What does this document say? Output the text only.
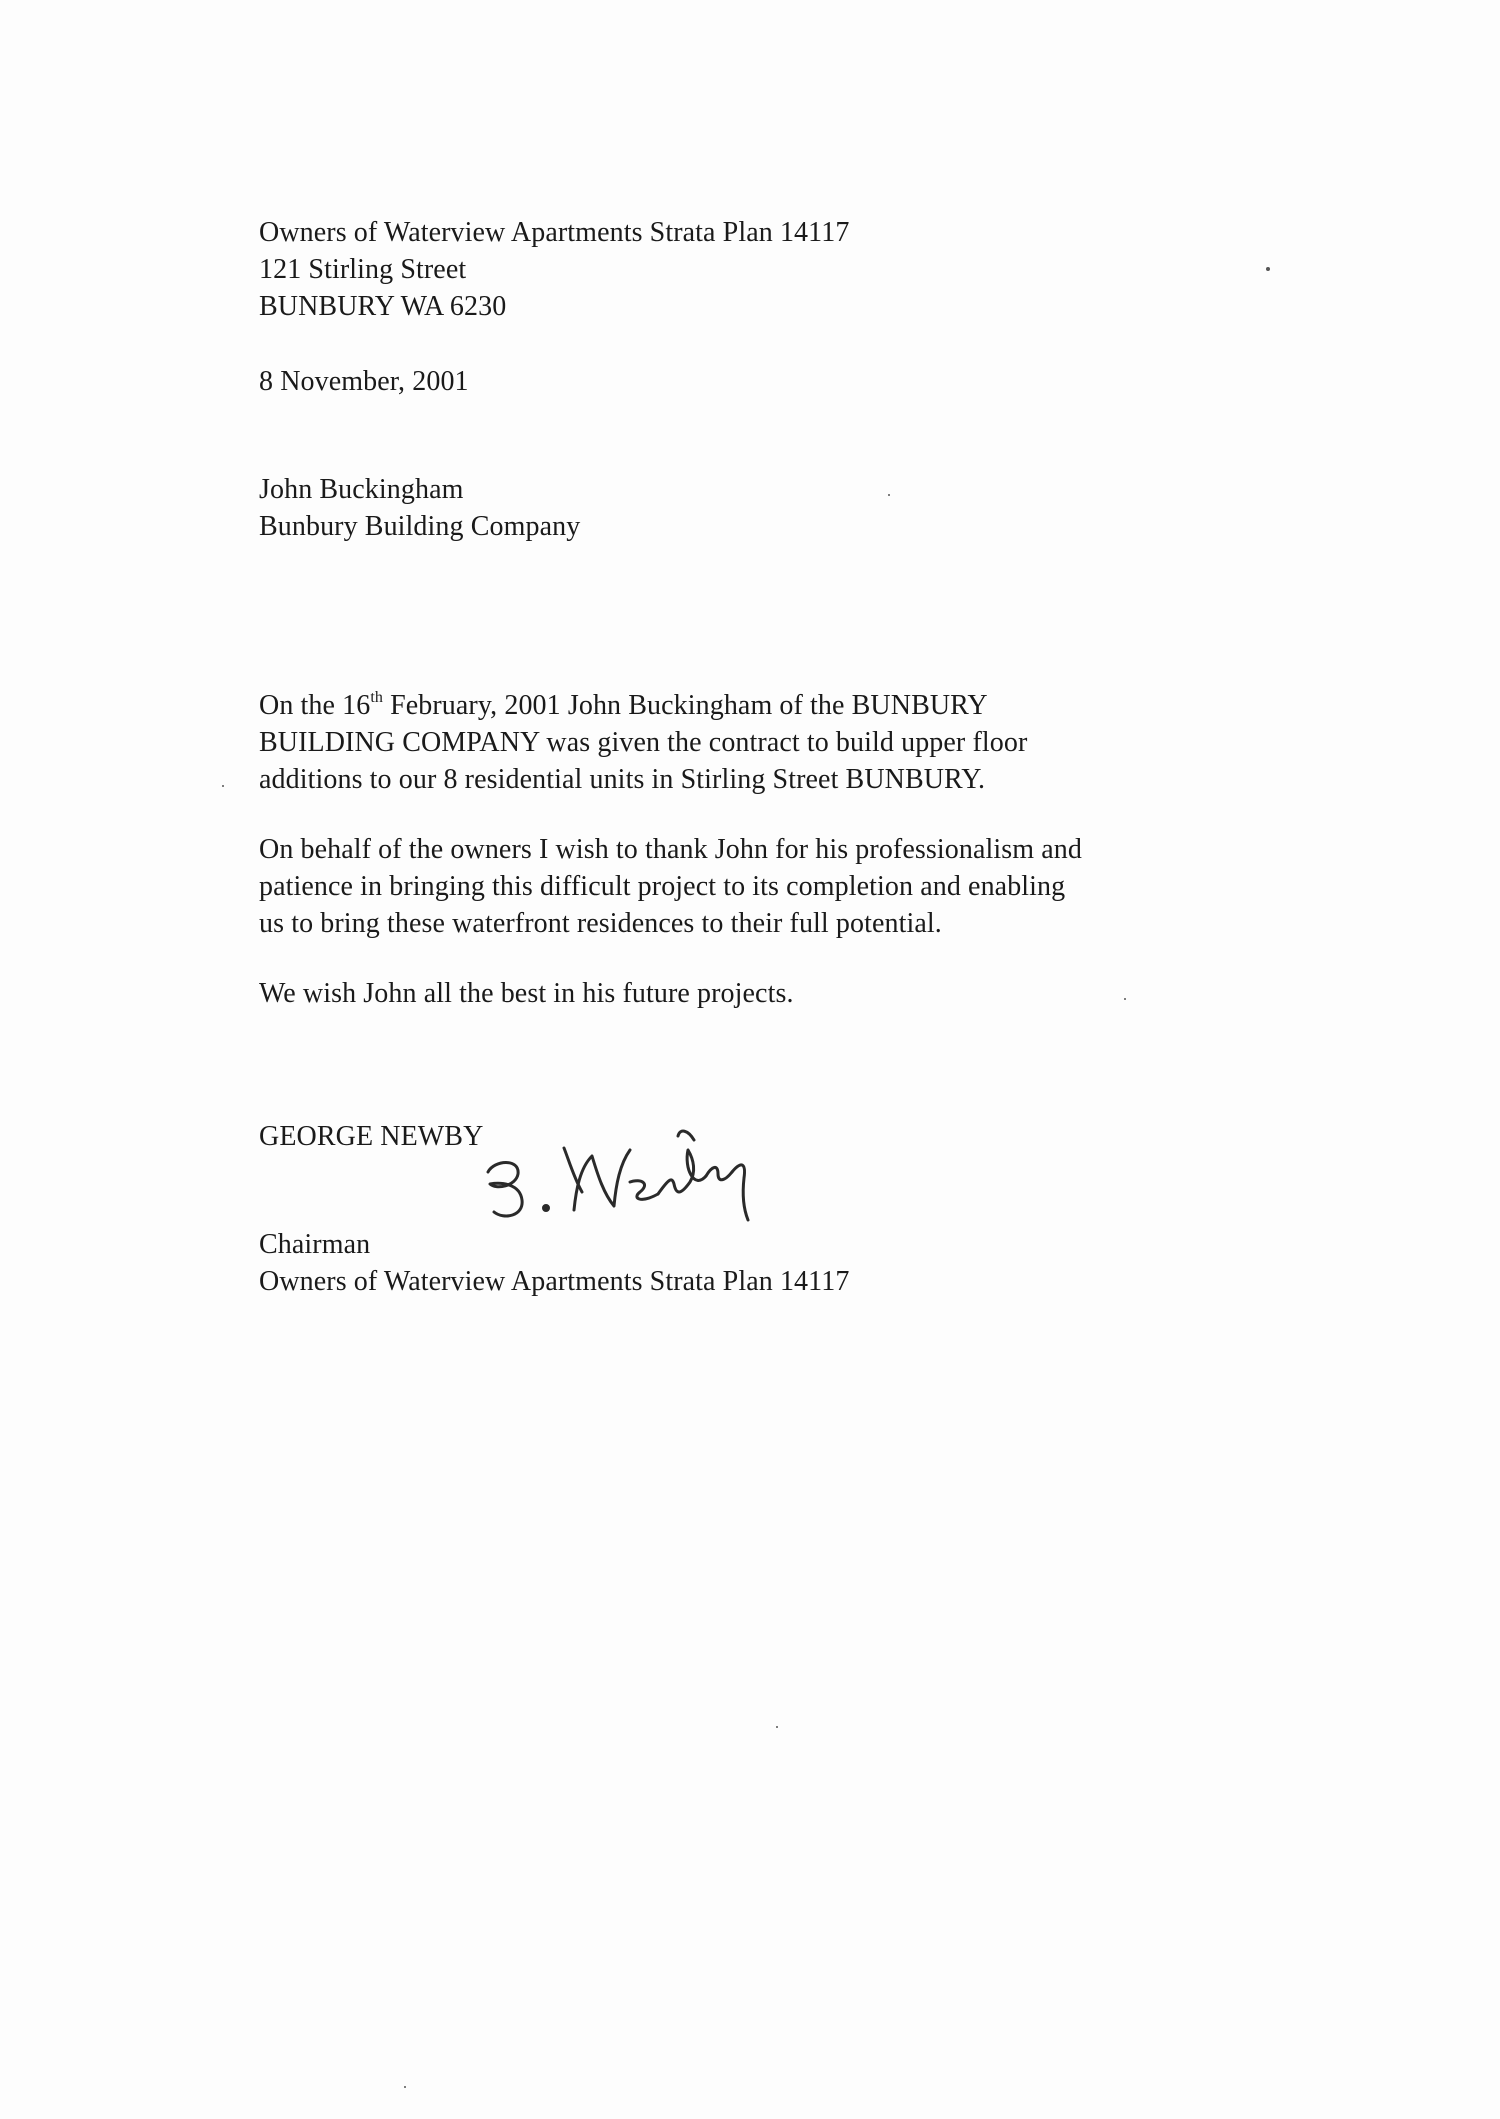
Owners of Waterview Apartments Strata Plan 14117
121 Stirling Street
BUNBURY WA 6230
8 November, 2001
John Buckingham
Bunbury Building Company
On the 16th February, 2001 John Buckingham of the BUNBURY
BUILDING COMPANY was given the contract to build upper floor
additions to our 8 residential units in Stirling Street BUNBURY.
On behalf of the owners I wish to thank John for his professionalism and
patience in bringing this difficult project to its completion and enabling
us to bring these waterfront residences to their full potential.
We wish John all the best in his future projects.
GEORGE NEWBY
Chairman
Owners of Waterview Apartments Strata Plan 14117
